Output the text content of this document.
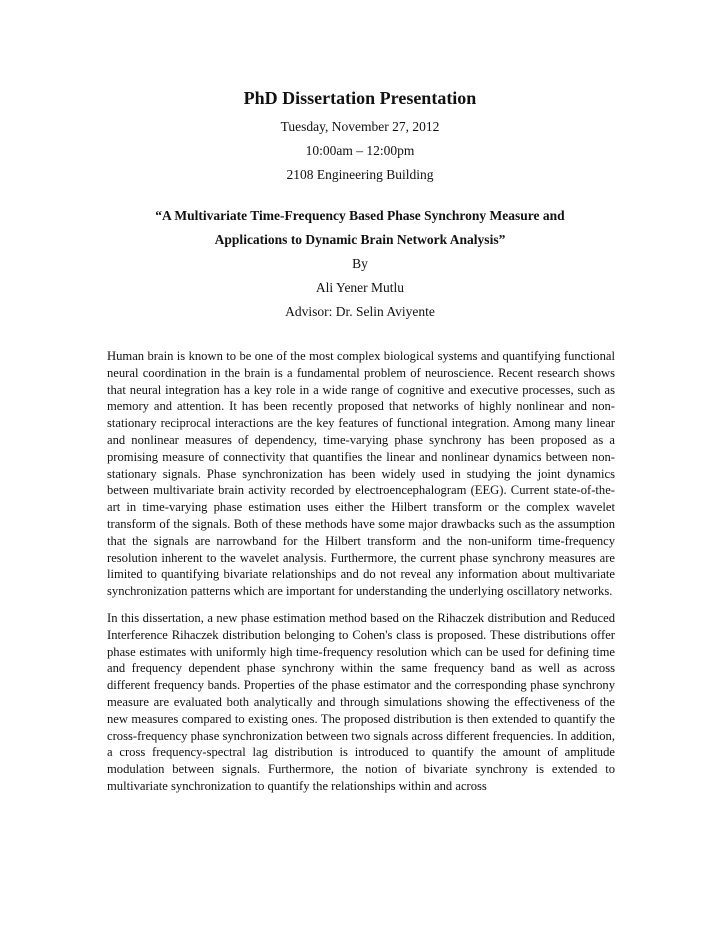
PhD Dissertation Presentation
Tuesday, November 27, 2012
10:00am – 12:00pm
2108 Engineering Building
“A Multivariate Time-Frequency Based Phase Synchrony Measure and
Applications to Dynamic Brain Network Analysis”
By
Ali Yener Mutlu
Advisor: Dr. Selin Aviyente

Human brain is known to be one of the most complex biological systems and quantifying functional neural coordination in the brain is a fundamental problem of neuroscience. Recent research shows that neural integration has a key role in a wide range of cognitive and executive processes, such as memory and attention. It has been recently proposed that networks of highly nonlinear and non-stationary reciprocal interactions are the key features of functional integration. Among many linear and nonlinear measures of dependency, time-varying phase synchrony has been proposed as a promising measure of connectivity that quantifies the linear and nonlinear dynamics between non-stationary signals. Phase synchronization has been widely used in studying the joint dynamics between multivariate brain activity recorded by electroencephalogram (EEG). Current state-of-the-art in time-varying phase estimation uses either the Hilbert transform or the complex wavelet transform of the signals. Both of these methods have some major drawbacks such as the assumption that the signals are narrowband for the Hilbert transform and the non-uniform time-frequency resolution inherent to the wavelet analysis. Furthermore, the current phase synchrony measures are limited to quantifying bivariate relationships and do not reveal any information about multivariate synchronization patterns which are important for understanding the underlying oscillatory networks.

In this dissertation, a new phase estimation method based on the Rihaczek distribution and Reduced Interference Rihaczek distribution belonging to Cohen's class is proposed. These distributions offer phase estimates with uniformly high time-frequency resolution which can be used for defining time and frequency dependent phase synchrony within the same frequency band as well as across different frequency bands. Properties of the phase estimator and the corresponding phase synchrony measure are evaluated both analytically and through simulations showing the effectiveness of the new measures compared to existing ones. The proposed distribution is then extended to quantify the cross-frequency phase synchronization between two signals across different frequencies. In addition, a cross frequency-spectral lag distribution is introduced to quantify the amount of amplitude modulation between signals. Furthermore, the notion of bivariate synchrony is extended to multivariate synchronization to quantify the relationships within and across
